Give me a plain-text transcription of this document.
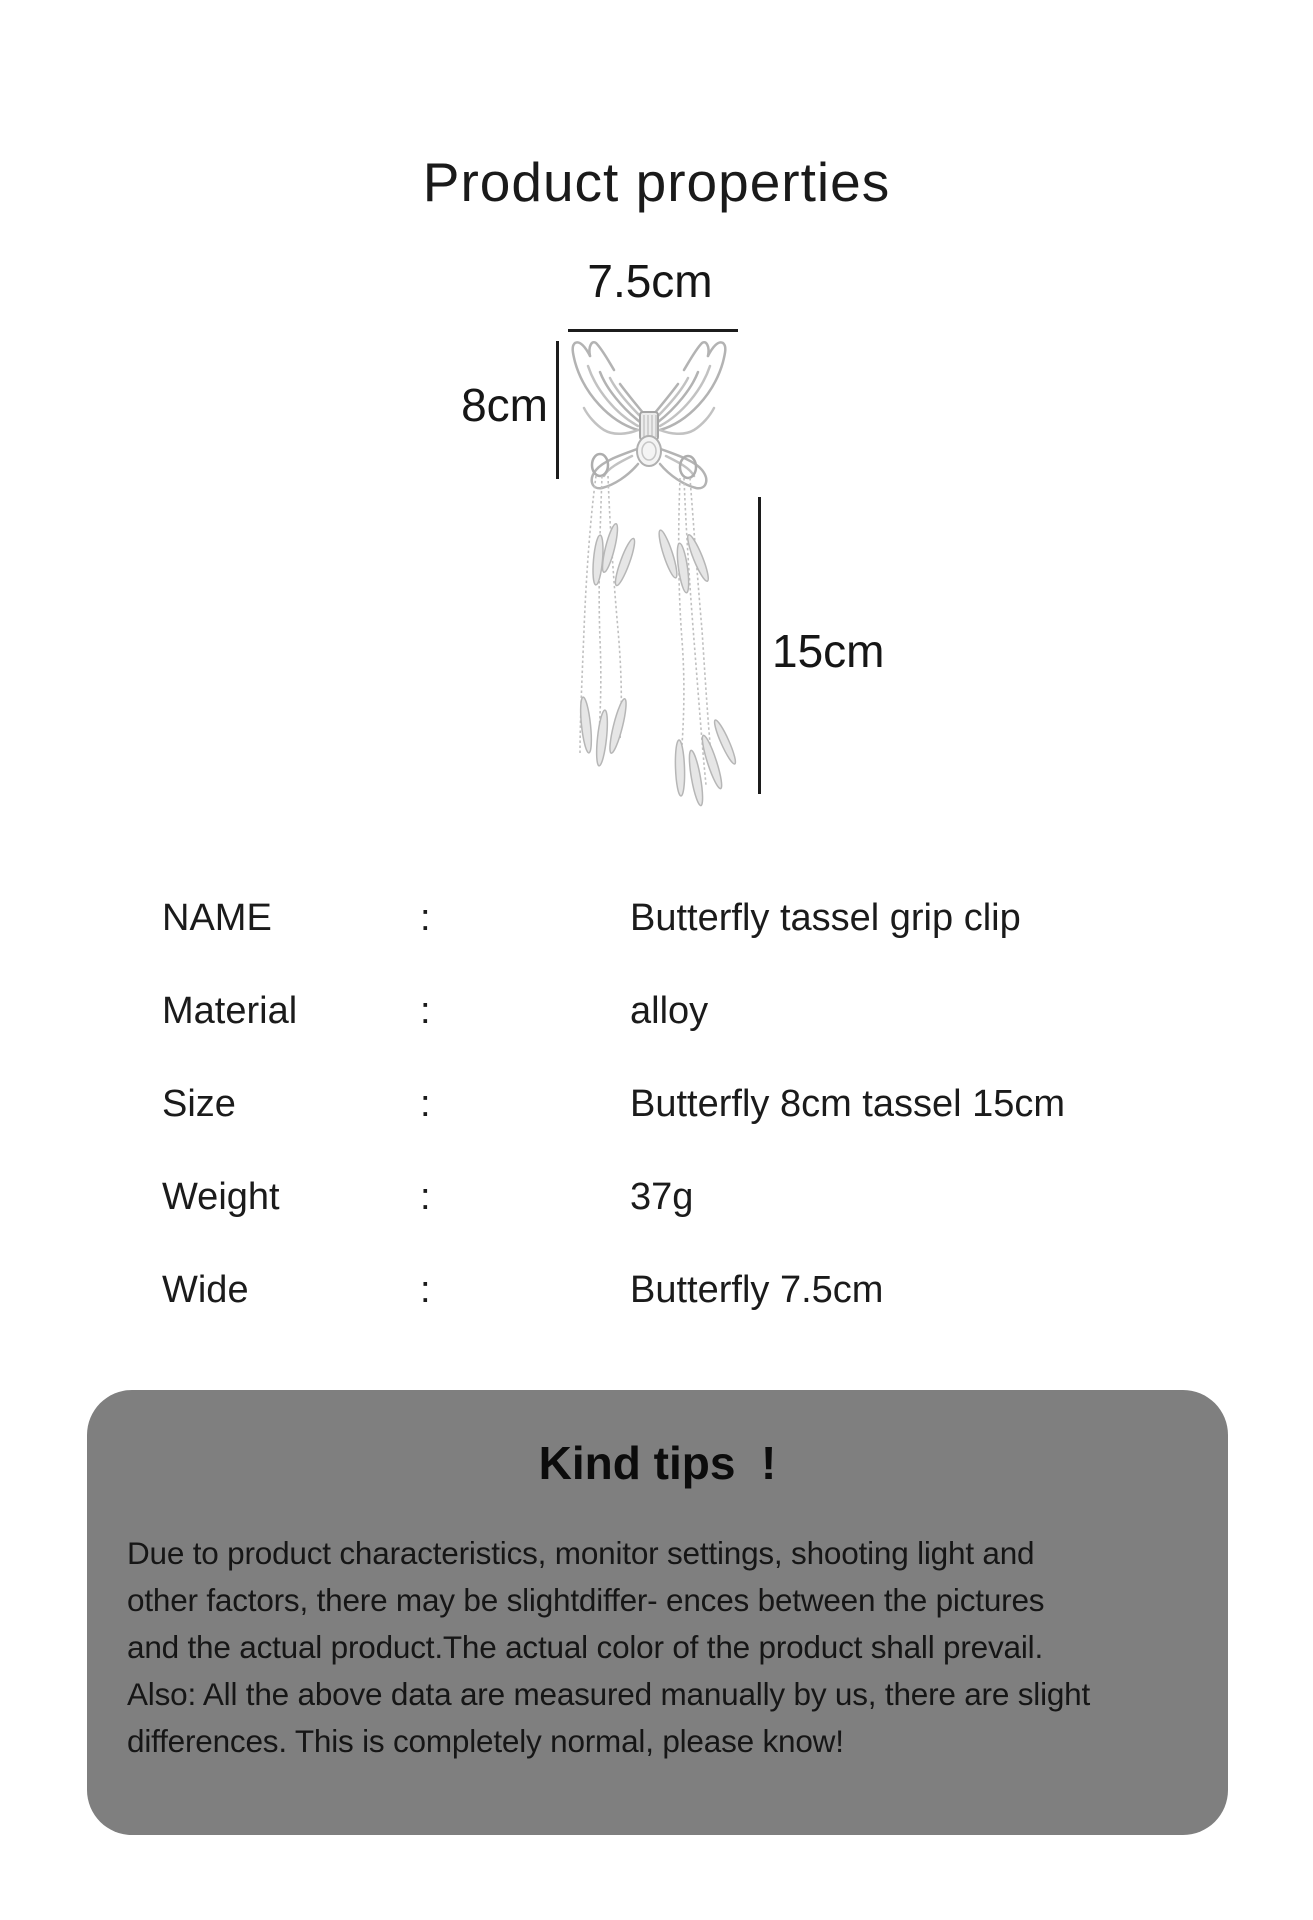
Product properties
7.5cm
8cm
15cm
NAME	:	Butterfly tassel grip clip
Material	:	alloy
Size	:	Butterfly 8cm tassel 15cm
Weight	:	37g
Wide	:	Butterfly 7.5cm
Kind tips  !
Due to product characteristics, monitor settings, shooting light and
other factors, there may be slightdiffer- ences between the pictures
and the actual product.The actual color of the product shall prevail.
Also: All the above data are measured manually by us, there are slight
differences. This is completely normal, please know!
